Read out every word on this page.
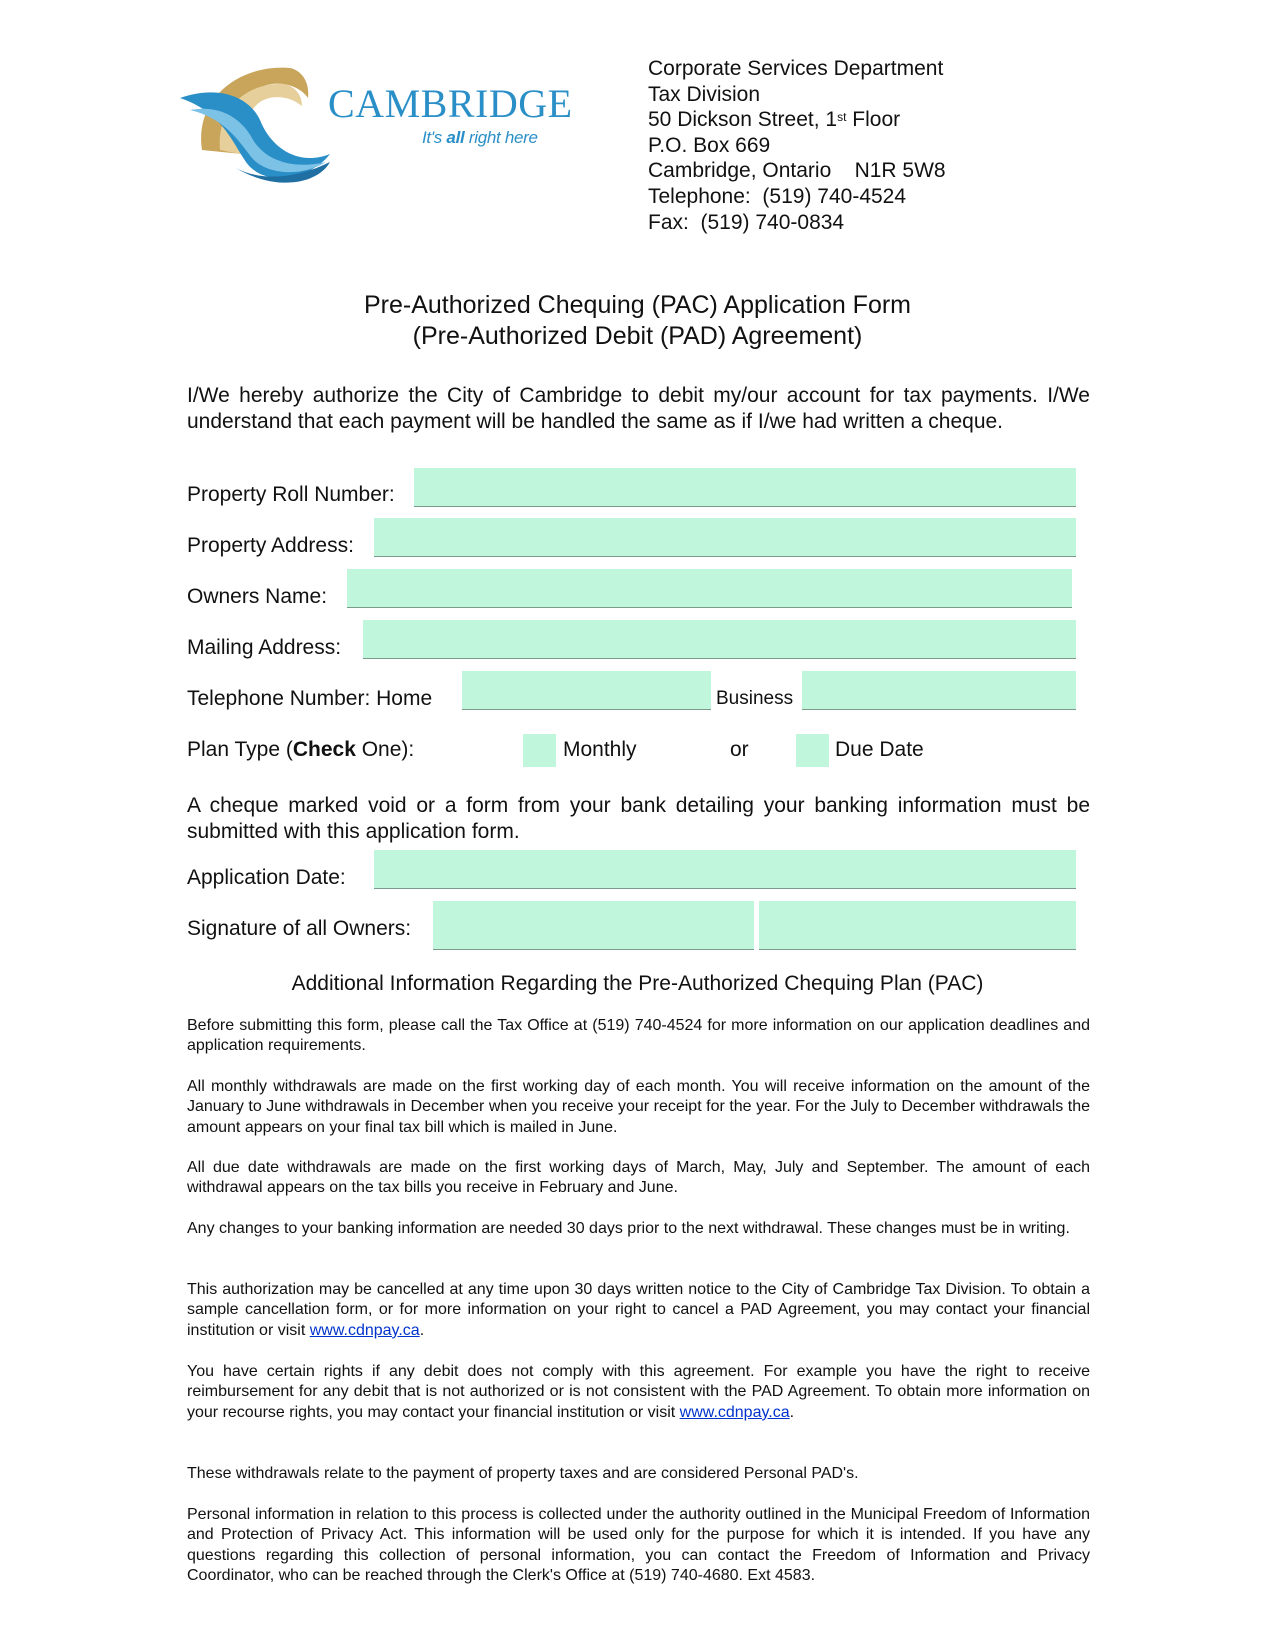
CAMBRIDGE
It's all right here
Corporate Services Department
Tax Division
50 Dickson Street, 1st Floor
P.O. Box 669
Cambridge, Ontario    N1R 5W8
Telephone:  (519) 740-4524
Fax:  (519) 740-0834
Pre-Authorized Chequing (PAC) Application Form
(Pre-Authorized Debit (PAD) Agreement)
I/We hereby authorize the City of Cambridge to debit my/our account for tax payments. I/We understand that each payment will be handled the same as if I/we had written a cheque.
Property Roll Number:
Property Address:
Owners Name:
Mailing Address:
Telephone Number: Home	Business
Plan Type (Check One):	Monthly	or	Due Date
A cheque marked void or a form from your bank detailing your banking information must be submitted with this application form.
Application Date:
Signature of all Owners:
Additional Information Regarding the Pre-Authorized Chequing Plan (PAC)
Before submitting this form, please call the Tax Office at (519) 740-4524 for more information on our application deadlines and application requirements.
All monthly withdrawals are made on the first working day of each month. You will receive information on the amount of the January to June withdrawals in December when you receive your receipt for the year. For the July to December withdrawals the amount appears on your final tax bill which is mailed in June.
All due date withdrawals are made on the first working days of March, May, July and September. The amount of each withdrawal appears on the tax bills you receive in February and June.
Any changes to your banking information are needed 30 days prior to the next withdrawal. These changes must be in writing.
This authorization may be cancelled at any time upon 30 days written notice to the City of Cambridge Tax Division. To obtain a sample cancellation form, or for more information on your right to cancel a PAD Agreement, you may contact your financial institution or visit www.cdnpay.ca.
You have certain rights if any debit does not comply with this agreement. For example you have the right to receive reimbursement for any debit that is not authorized or is not consistent with the PAD Agreement. To obtain more information on your recourse rights, you may contact your financial institution or visit www.cdnpay.ca.
These withdrawals relate to the payment of property taxes and are considered Personal PAD's.
Personal information in relation to this process is collected under the authority outlined in the Municipal Freedom of Information and Protection of Privacy Act. This information will be used only for the purpose for which it is intended. If you have any questions regarding this collection of personal information, you can contact the Freedom of Information and Privacy Coordinator, who can be reached through the Clerk's Office at (519) 740-4680. Ext 4583.
